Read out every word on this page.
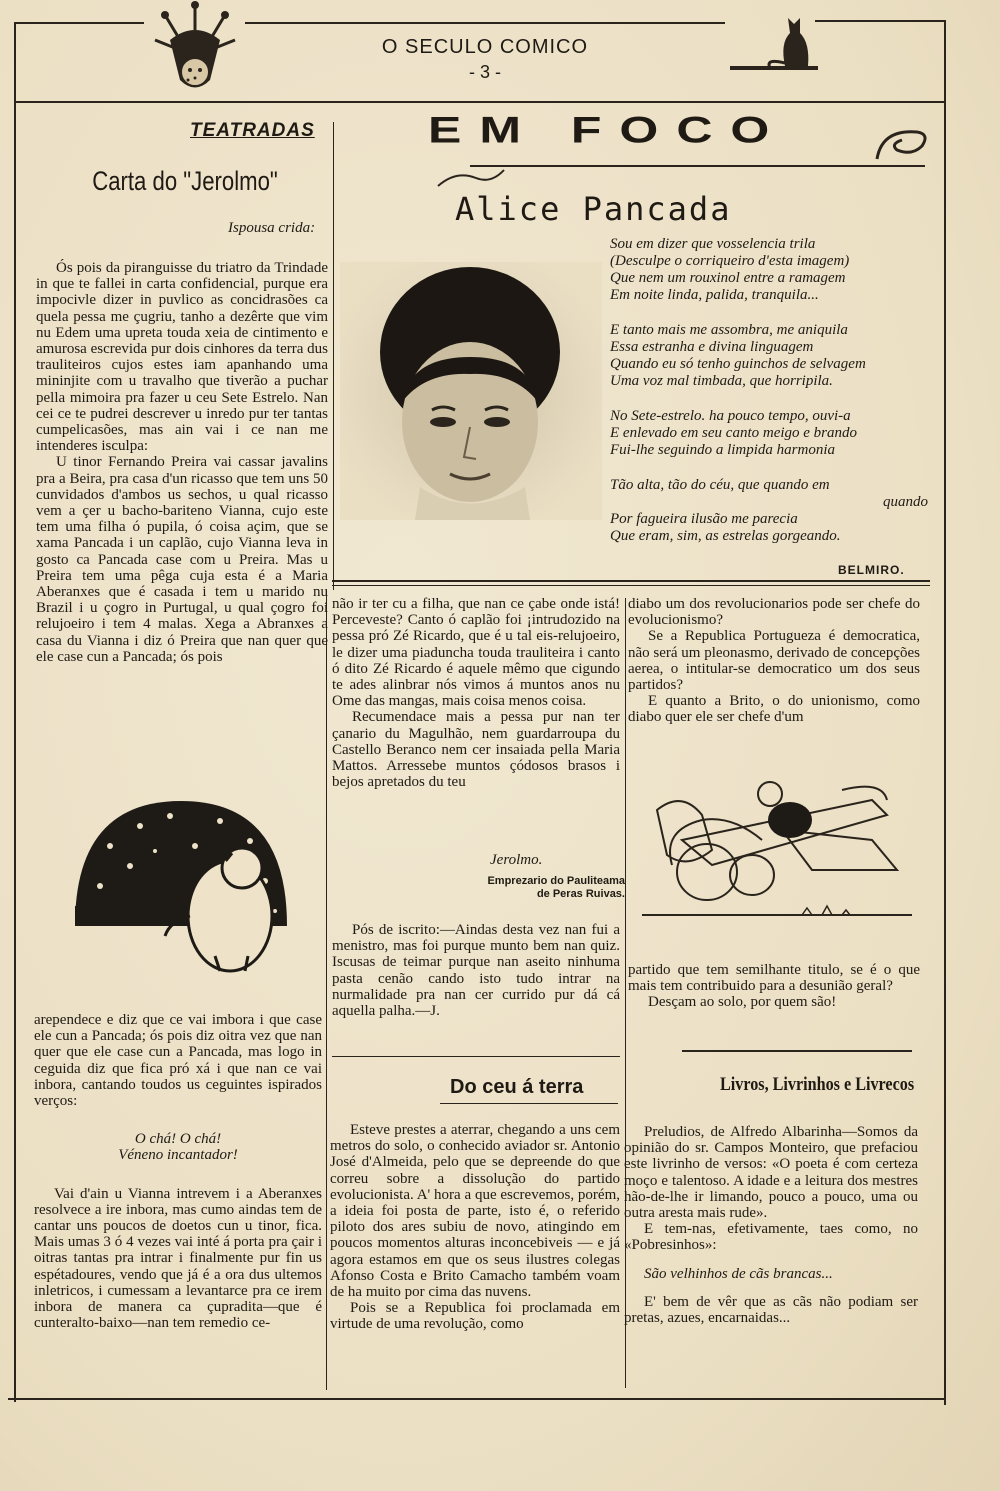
O SECULO COMICO
- 3 -
TEATRADAS
Carta do "Jerolmo"
Ispousa crida:

Ós pois da piranguisse du triatro da Trindade in que te fallei in carta confidencial, purque era impocivle dizer in puvlico as concidrasões ca quela pessa me çugriu, tanho a dezêrte que vim nu Edem uma upreta touda xeia de cintimento e amurosa escrevida pur dois cinhores da terra dus trauliteiros cujos estes iam apanhando uma mininjite com u travalho que tiverão a puchar pella mimoira pra fazer u ceu Sete Estrelo. Nan cei ce te pudrei descrever u inredo pur ter tantas cumpelicasões, mas ain vai i ce nan me intenderes isculpa:

U tinor Fernando Preira vai cassar javalins pra a Beira, pra casa d'un ricasso que tem uns 50 cunvidados d'ambos us sechos, u qual ricasso vem a çer u bacho-bariteno Vianna, cujo este tem uma filha ó pupila, ó coisa açim, que se xama Pancada i un caplão, cujo Vianna leva in gosto ca Pancada case com u Preira. Mas u Preira tem uma pêga cuja esta é a Maria Aberanxes que é casada i tem u marido nu Brazil i u çogro in Purtugal, u qual çogro foi relujoeiro i tem 4 malas. Xega a Abranxes a casa du Vianna i diz ó Preira que nan quer que ele case cun a Pancada; ós pois

arependece e diz que ce vai imbora i que case ele cun a Pancada; ós pois diz oitra vez que nan quer que ele case cun a Pancada, mas logo in ceguida diz que fica pró xá i que nan ce vai inbora, cantando toudos us ceguintes ispirados verços:

O chá! O chá!

Véneno incantador!

Vai d'ain u Vianna intrevem i a Aberanxes resolvece a ire inbora, mas cumo aindas tem de cantar uns poucos de doetos cun u tinor, fica. Mais umas 3 ó 4 vezes vai inté á porta pra çair i oitras tantas pra intrar i finalmente pur fin us espétadoures, vendo que já é a ora dus ultemos inletricos, i cumessam a levantarce pra ce irem inbora de manera ca çupradita—que é cunteralto-baixo—nan tem remedio ce-

EM FOCO
Alice Pancada
Sou em dizer que vosselencia trila
(Desculpe o corriqueiro d'esta imagem)
Que nem um rouxinol entre a ramagem
Em noite linda, palida, tranquila...
E tanto mais me assombra, me aniquila
Essa estranha e divina linguagem
Quando eu só tenho guinchos de selvagem
Uma voz mal timbada, que horripila.
No Sete-estrelo. ha pouco tempo, ouvi-a
E enlevado em seu canto meigo e brando
Fui-lhe seguindo a limpida harmonia
Tão alta, tão do céu, que quando em
quando
Por fagueira ilusão me parecia
Que eram, sim, as estrelas gorgeando.
BELMIRO.

não ir ter cu a filha, que nan ce çabe onde istá! Perceveste? Canto ó caplão foi ¡intrudozido na pessa pró Zé Ricardo, que é u tal eis-relujoeiro, le dizer uma piaduncha touda trauliteira i canto ó dito Zé Ricardo é aquele mêmo que cigundo te ades alinbrar nós vimos á muntos anos nu Ome das mangas, mais coisa menos coisa.

Recumendace mais a pessa pur nan ter çanario du Magulhão, nem guardarroupa du Castello Beranco nem cer insaiada pella Maria Mattos. Arressebe muntos çódosos brasos i bejos apretados du teu

Jerolmo.
Emprezario do Pauliteama
de Peras Ruivas.

Pós de iscrito:—Aindas desta vez nan fui a menistro, mas foi purque munto bem nan quiz. Iscusas de teimar purque nan aseito ninhuma pasta cenão cando isto tudo intrar na nurmalidade pra nan cer currido pur dá cá aquella palha.—J.

Do ceu á terra

Esteve prestes a aterrar, chegando a uns cem metros do solo, o conhecido aviador sr. Antonio José d'Almeida, pelo que se depreende do que correu sobre a dissolução do partido evolucionista. A' hora a que escrevemos, porém, a ideia foi posta de parte, isto é, o referido piloto dos ares subiu de novo, atingindo em poucos momentos alturas inconcebiveis — e já agora estamos em que os seus ilustres colegas Afonso Costa e Brito Camacho também voam de ha muito por cima das nuvens.

Pois se a Republica foi proclamada em virtude de uma revolução, como

diabo um dos revolucionarios pode ser chefe do evolucionismo?

Se a Republica Portugueza é democratica, não será um pleonasmo, derivado de concepções aerea, o intitular-se democratico um dos seus partidos?

E quanto a Brito, o do unionismo, como diabo quer ele ser chefe d'um

partido que tem semilhante titulo, se é o que mais tem contribuido para a desunião geral?

Desçam ao solo, por quem são!

Livros, Livrinhos e Livrecos

Preludios, de Alfredo Albarinha—Somos da opinião do sr. Campos Monteiro, que prefaciou este livrinho de versos: «O poeta é com certeza moço e talentoso. A idade e a leitura dos mestres hão-de-lhe ir limando, pouco a pouco, uma ou outra aresta mais rude».

E tem-nas, efetivamente, taes como, no «Pobresinhos»:

São velhinhos de cãs brancas...

E' bem de vêr que as cãs não podiam ser pretas, azues, encarnaidas...
